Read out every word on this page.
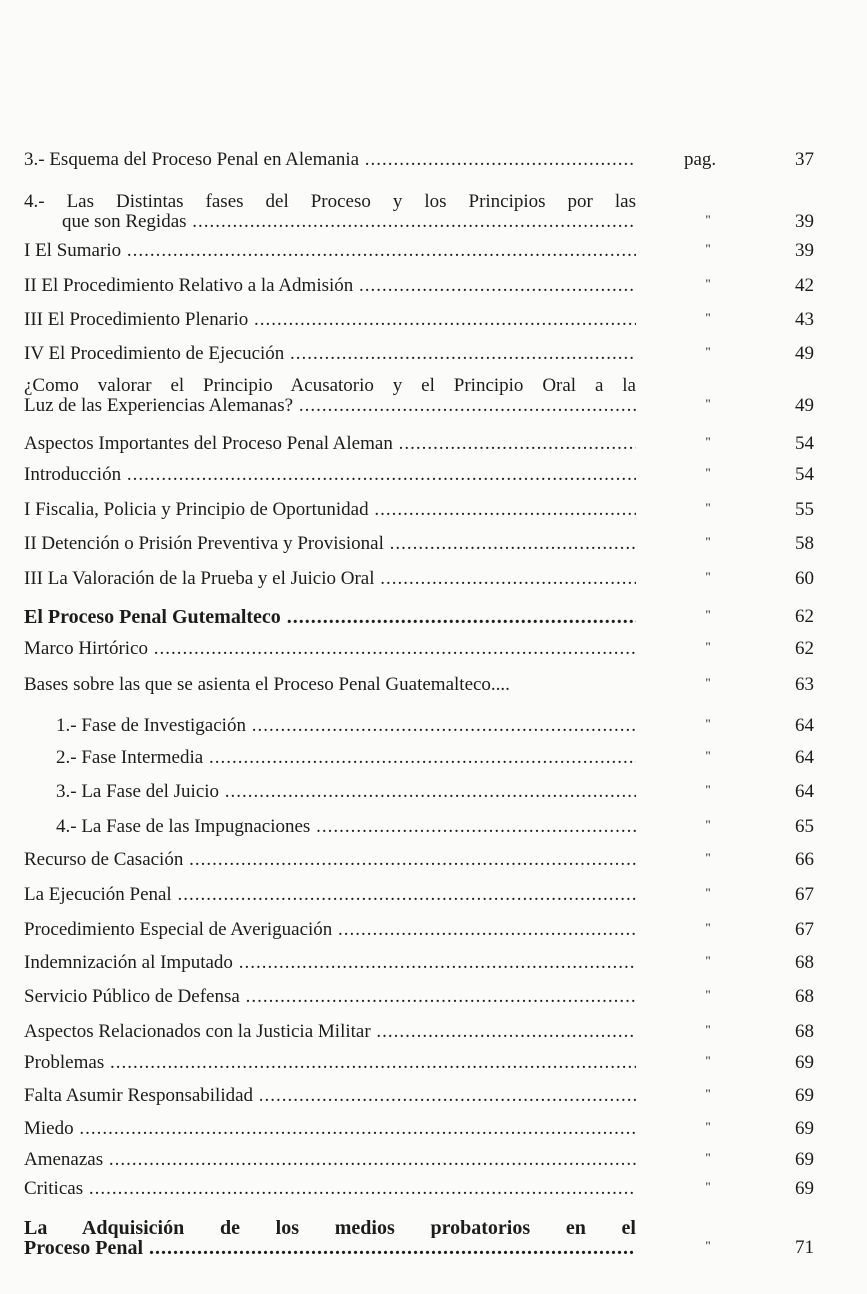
3.- Esquema del Proceso Penal en Alemania .....	pag.	37
4.- Las Distintas fases del Proceso y los Principios por las
que son Regidas .....	"	39
I El Sumario .....	"	39
II El Procedimiento Relativo a la Admisión .....	"	42
III El Procedimiento Plenario .....	"	43
IV El Procedimiento de Ejecución .....	"	49
¿Como valorar el Principio Acusatorio y el Principio Oral a la
Luz de las Experiencias Alemanas? .....	"	49
Aspectos Importantes del Proceso Penal Aleman .....	"	54
Introducción .....	"	54
I Fiscalia, Policia y Principio de Oportunidad .....	"	55
II Detención o Prisión Preventiva y Provisional .....	"	58
III La Valoración de la Prueba y el Juicio Oral .....	"	60
El Proceso Penal Gutemalteco .....	"	62
Marco Hirtórico .....	"	62
Bases sobre las que se asienta el Proceso Penal Guatemalteco....	"	63
1.- Fase de Investigación .....	"	64
2.- Fase Intermedia .....	"	64
3.- La Fase del Juicio .....	"	64
4.- La Fase de las Impugnaciones .....	"	65
Recurso de Casación .....	"	66
La Ejecución Penal .....	"	67
Procedimiento Especial de Averiguación .....	"	67
Indemnización al Imputado .....	"	68
Servicio Público de Defensa .....	"	68
Aspectos Relacionados con la Justicia Militar .....	"	68
Problemas .....	"	69
Falta Asumir Responsabilidad .....	"	69
Miedo .....	"	69
Amenazas .....	"	69
Criticas .....	"	69
La Adquisición de los medios probatorios en el
Proceso Penal .....	"	71
